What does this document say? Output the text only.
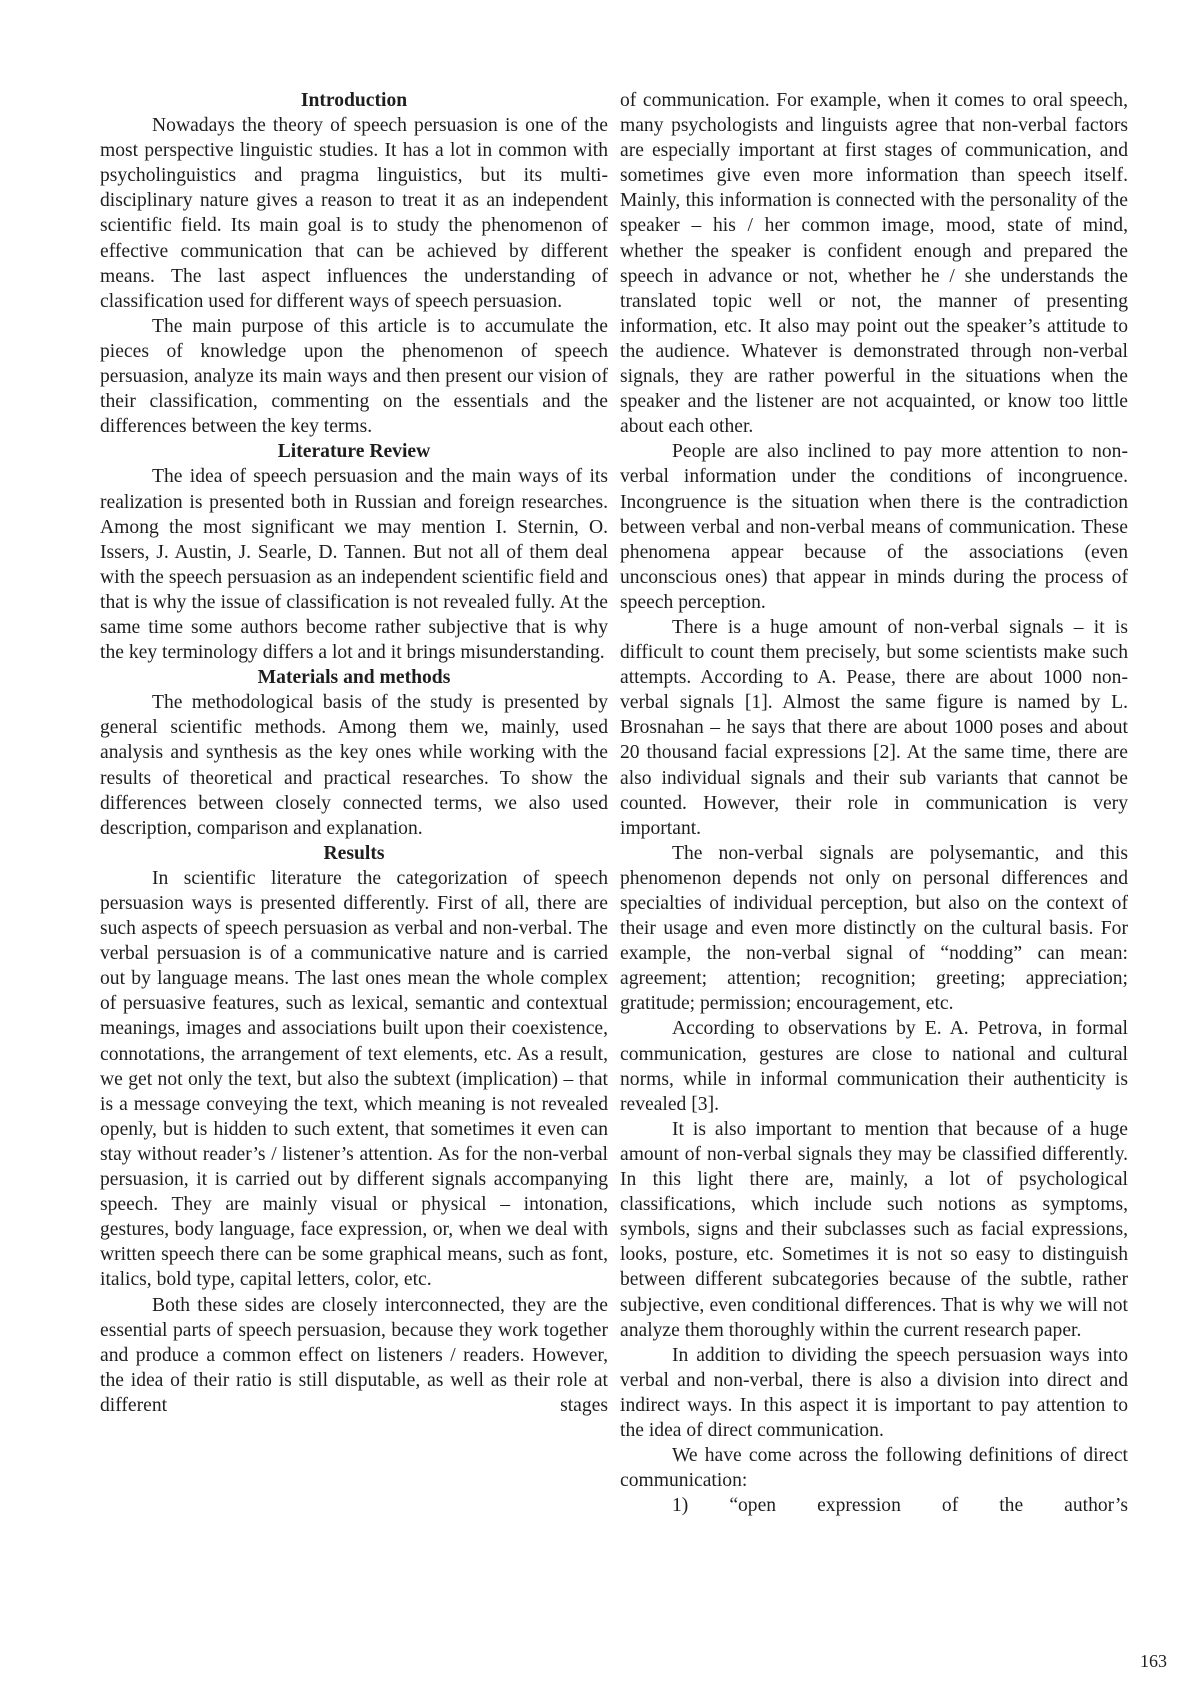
Introduction

Nowadays the theory of speech persuasion is one of the most perspective linguistic studies. It has a lot in common with psycholinguistics and pragma linguistics, but its multi-disciplinary nature gives a reason to treat it as an independent scientific field. Its main goal is to study the phenomenon of effective communication that can be achieved by different means. The last aspect influences the understanding of classification used for different ways of speech persuasion.

The main purpose of this article is to accumulate the pieces of knowledge upon the phenomenon of speech persuasion, analyze its main ways and then present our vision of their classification, commenting on the essentials and the differences between the key terms.

Literature Review

The idea of speech persuasion and the main ways of its realization is presented both in Russian and foreign researches. Among the most significant we may mention I. Sternin, O. Issers, J. Austin, J. Searle, D. Tannen. But not all of them deal with the speech persuasion as an independent scientific field and that is why the issue of classification is not revealed fully. At the same time some authors become rather subjective that is why the key terminology differs a lot and it brings misunderstanding.

Materials and methods

The methodological basis of the study is presented by general scientific methods. Among them we, mainly, used analysis and synthesis as the key ones while working with the results of theoretical and practical researches. To show the differences between closely connected terms, we also used description, comparison and explanation.

Results

In scientific literature the categorization of speech persuasion ways is presented differently. First of all, there are such aspects of speech persuasion as verbal and non-verbal. The verbal persuasion is of a communicative nature and is carried out by language means. The last ones mean the whole complex of persuasive features, such as lexical, semantic and contextual meanings, images and associations built upon their coexistence, connotations, the arrangement of text elements, etc. As a result, we get not only the text, but also the subtext (implication) – that is a message conveying the text, which meaning is not revealed openly, but is hidden to such extent, that sometimes it even can stay without reader’s / listener’s attention. As for the non-verbal persuasion, it is carried out by different signals accompanying speech. They are mainly visual or physical – intonation, gestures, body language, face expression, or, when we deal with written speech there can be some graphical means, such as font, italics, bold type, capital letters, color, etc.

Both these sides are closely interconnected, they are the essential parts of speech persuasion, because they work together and produce a common effect on listeners / readers. However, the idea of their ratio is still disputable, as well as their role at different stages

of communication. For example, when it comes to oral speech, many psychologists and linguists agree that non-verbal factors are especially important at first stages of communication, and sometimes give even more information than speech itself. Mainly, this information is connected with the personality of the speaker – his / her common image, mood, state of mind, whether the speaker is confident enough and prepared the speech in advance or not, whether he / she understands the translated topic well or not, the manner of presenting information, etc. It also may point out the speaker’s attitude to the audience. Whatever is demonstrated through non-verbal signals, they are rather powerful in the situations when the speaker and the listener are not acquainted, or know too little about each other.

People are also inclined to pay more attention to non-verbal information under the conditions of incongruence. Incongruence is the situation when there is the contradiction between verbal and non-verbal means of communication. These phenomena appear because of the associations (even unconscious ones) that appear in minds during the process of speech perception.

There is a huge amount of non-verbal signals – it is difficult to count them precisely, but some scientists make such attempts. According to A. Pease, there are about 1000 non-verbal signals [1]. Almost the same figure is named by L. Brosnahan – he says that there are about 1000 poses and about 20 thousand facial expressions [2]. At the same time, there are also individual signals and their sub variants that cannot be counted. However, their role in communication is very important.

The non-verbal signals are polysemantic, and this phenomenon depends not only on personal differences and specialties of individual perception, but also on the context of their usage and even more distinctly on the cultural basis. For example, the non-verbal signal of “nodding” can mean: agreement; attention; recognition; greeting; appreciation; gratitude; permission; encouragement, etc.

According to observations by E. A. Petrova, in formal communication, gestures are close to national and cultural norms, while in informal communication their authenticity is revealed [3].

It is also important to mention that because of a huge amount of non-verbal signals they may be classified differently. In this light there are, mainly, a lot of psychological classifications, which include such notions as symptoms, symbols, signs and their subclasses such as facial expressions, looks, posture, etc. Sometimes it is not so easy to distinguish between different subcategories because of the subtle, rather subjective, even conditional differences. That is why we will not analyze them thoroughly within the current research paper.

In addition to dividing the speech persuasion ways into verbal and non-verbal, there is also a division into direct and indirect ways. In this aspect it is important to pay attention to the idea of direct communication.

We have come across the following definitions of direct communication:

1) “open expression of the author’s

163
